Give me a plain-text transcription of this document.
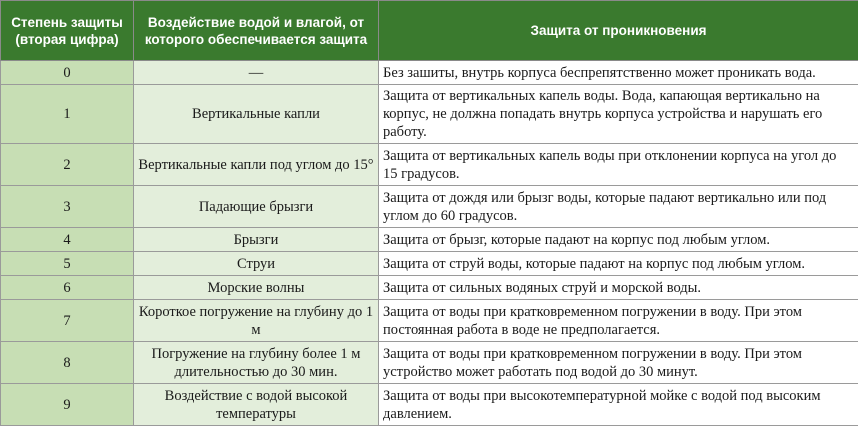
Степень защиты (вторая цифра)	Воздействие водой и влагой, от которого обеспечивается защита	Защита от проникновения
0	—	Без зашиты, внутрь корпуса беспрепятственно может проникать вода.
1	Вертикальные капли	Защита от вертикальных капель воды. Вода, капающая вертикально на корпус, не должна попадать внутрь корпуса устройства и нарушать его работу.
2	Вертикальные капли под углом до 15°	Защита от вертикальных капель воды при отклонении корпуса на угол до 15 градусов.
3	Падающие брызги	Защита от дождя или брызг воды, которые падают вертикально или под углом до 60 градусов.
4	Брызги	Защита от брызг, которые падают на корпус под любым углом.
5	Струи	Защита от струй воды, которые падают на корпус под любым углом.
6	Морские волны	Защита от сильных водяных струй и морской воды.
7	Короткое погружение на глубину до 1 м	Защита от воды при кратковременном погружении в воду. При этом постоянная работа в воде не предполагается.
8	Погружение на глубину более 1 м длительностью до 30 мин.	Защита от воды при кратковременном погружении в воду. При этом устройство может работать под водой до 30 минут.
9	Воздействие с водой высокой температуры	Защита от воды при высокотемпературной мойке с водой под высоким давлением.
